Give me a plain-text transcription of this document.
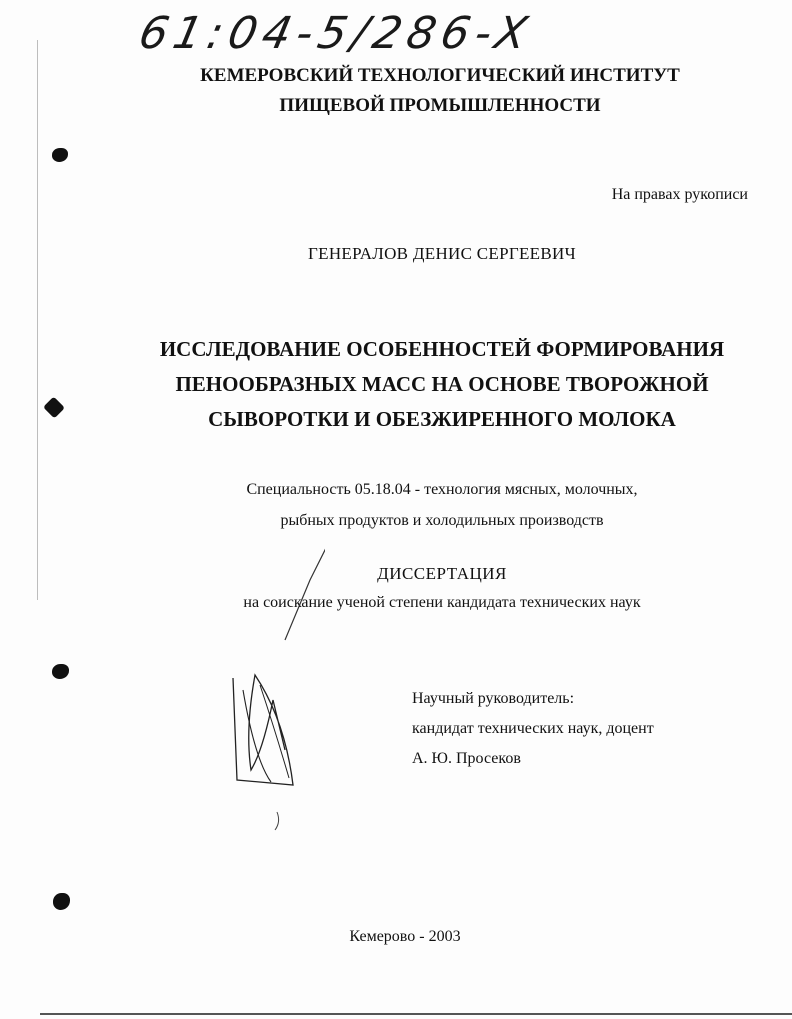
61:04-5/286-X
КЕМЕРОВСКИЙ ТЕХНОЛОГИЧЕСКИЙ ИНСТИТУТ
ПИЩЕВОЙ ПРОМЫШЛЕННОСТИ
На правах рукописи
ГЕНЕРАЛОВ ДЕНИС СЕРГЕЕВИЧ
ИССЛЕДОВАНИЕ ОСОБЕННОСТЕЙ ФОРМИРОВАНИЯ
ПЕНООБРАЗНЫХ МАСС НА ОСНОВЕ ТВОРОЖНОЙ
СЫВОРОТКИ И ОБЕЗЖИРЕННОГО МОЛОКА
Специальность 05.18.04 - технология мясных, молочных,
рыбных продуктов и холодильных производств
ДИССЕРТАЦИЯ
на соискание ученой степени кандидата технических наук
Научный руководитель:
кандидат технических наук, доцент
А. Ю. Просеков
Кемерово - 2003
